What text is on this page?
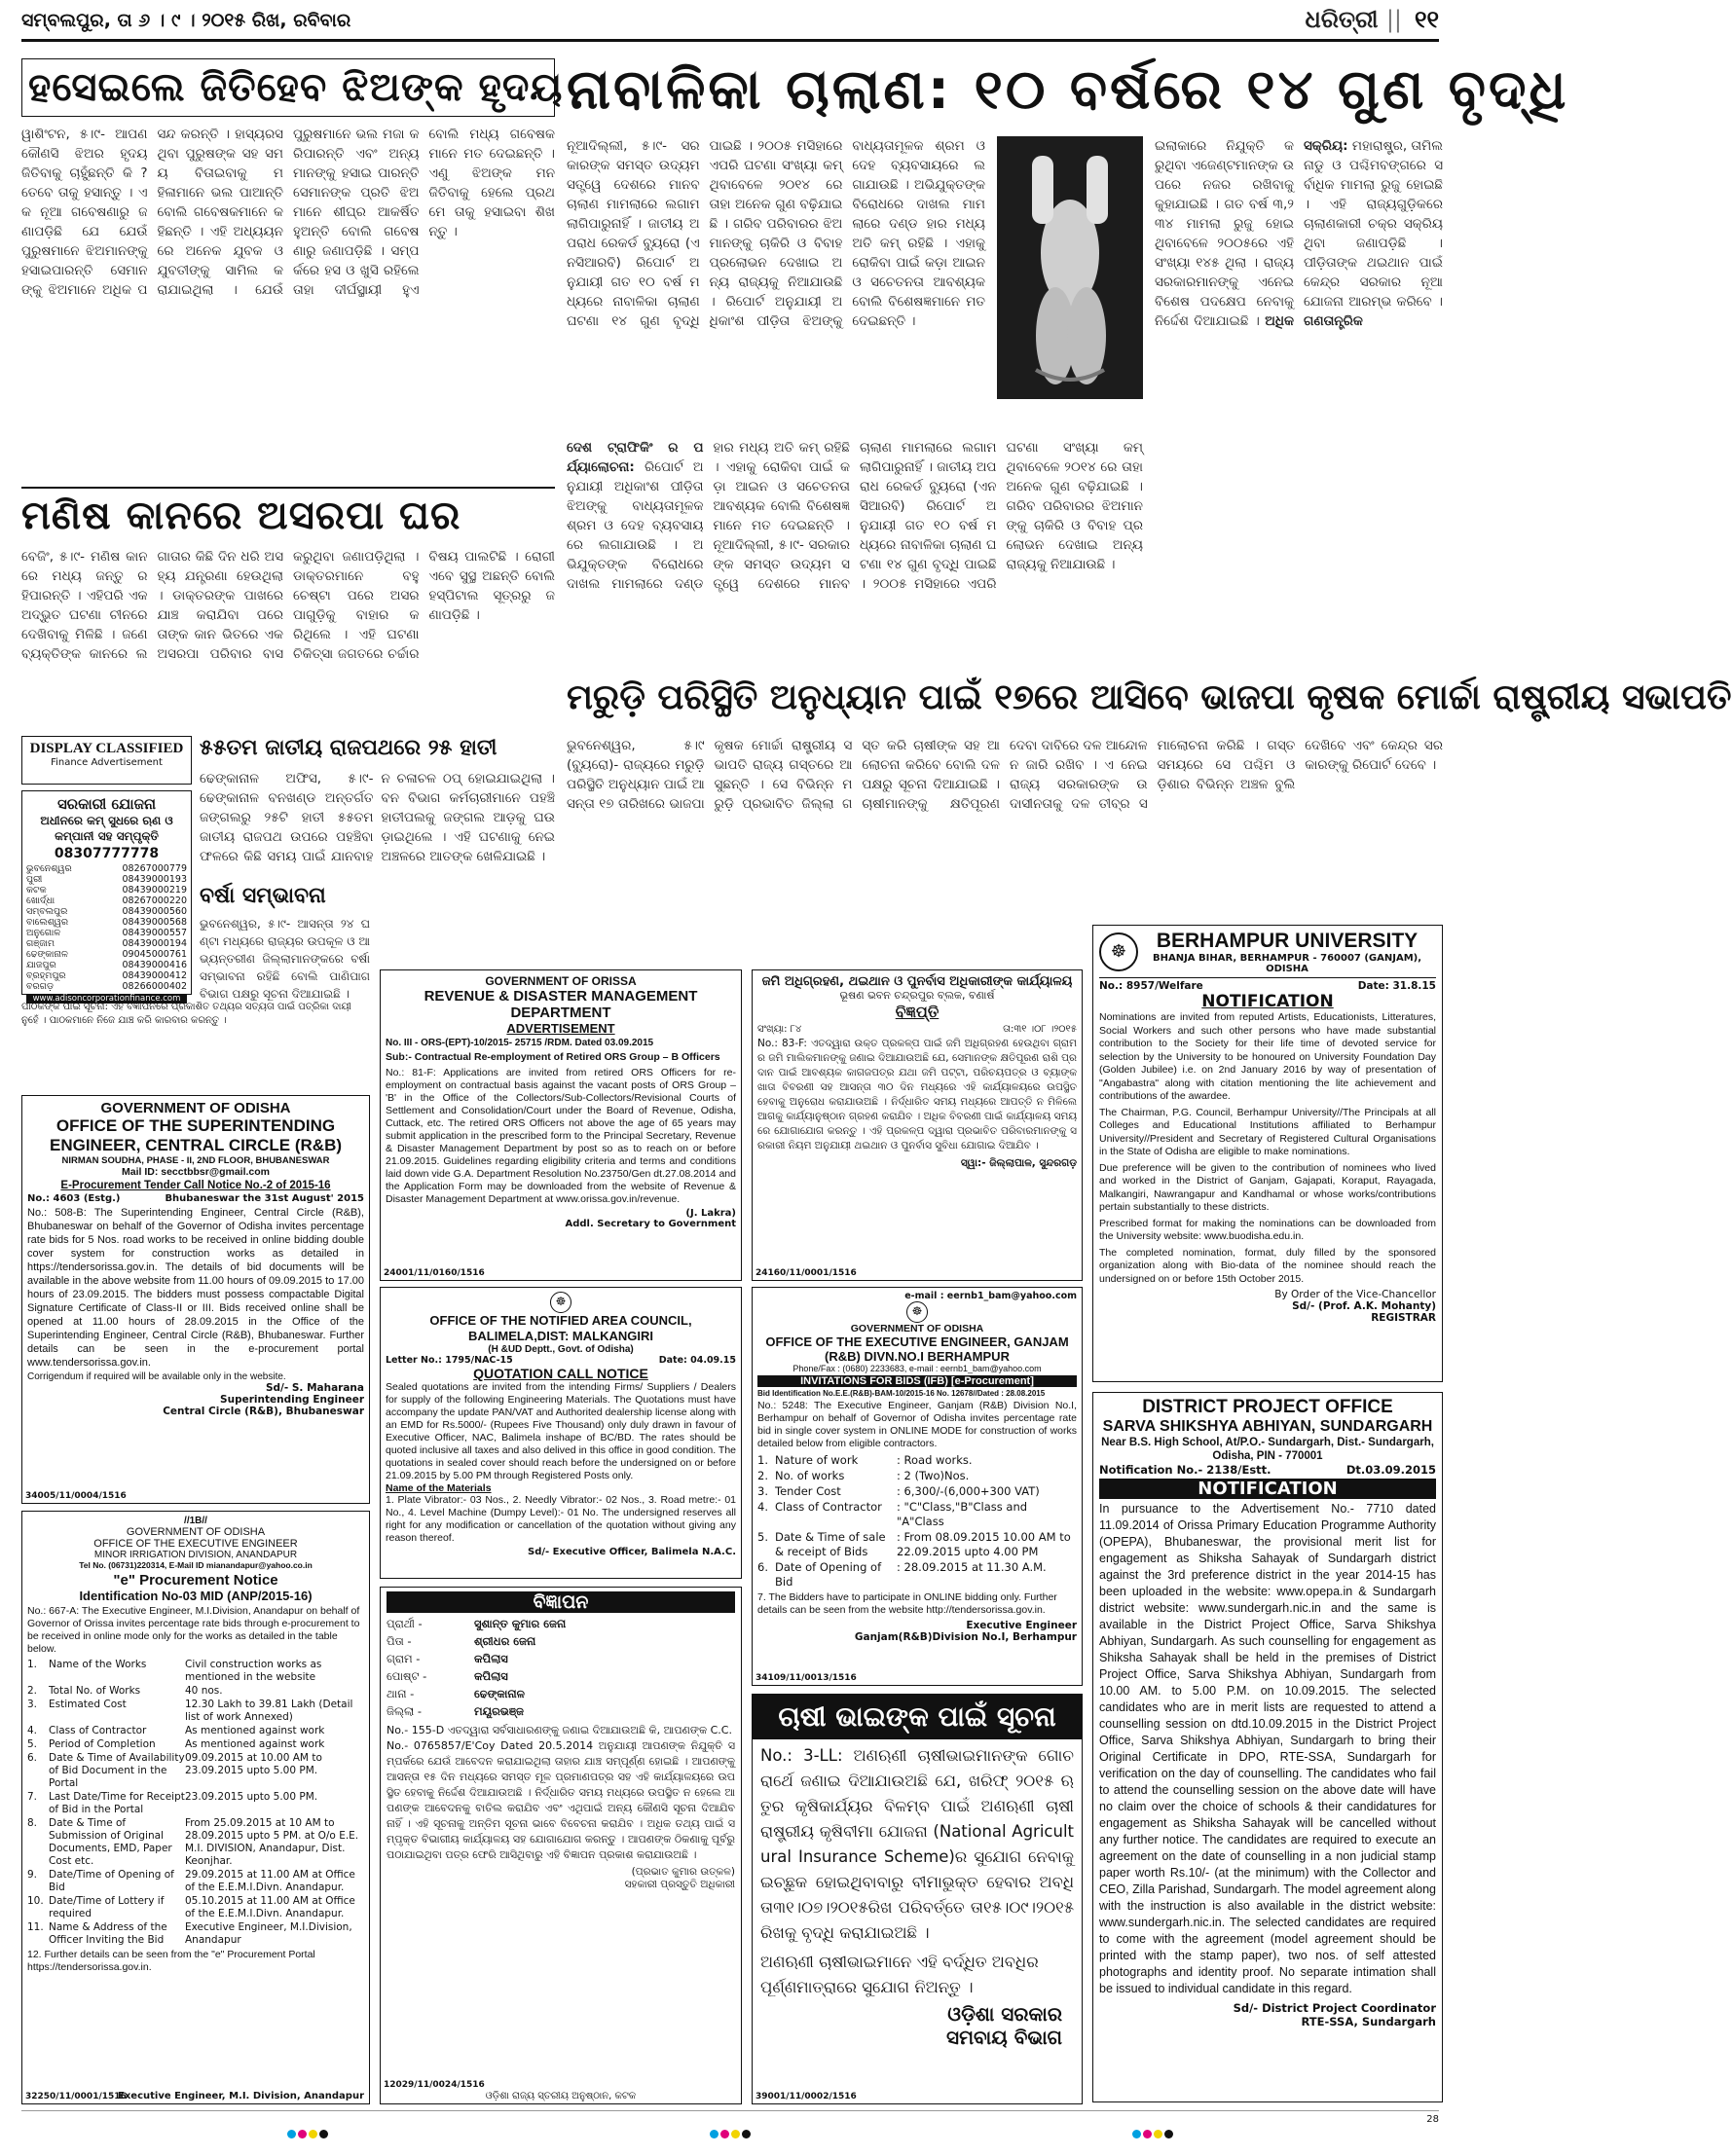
ସମ୍ବଲପୁର, ତା ୬ । ୯ । ୨୦୧୫ ରିଖ, ରବିବାର	ଧରିତ୍ରୀ || ୧୧
ହସେଇଲେ ଜିତିହେବ ଝିଅଙ୍କ ହୃଦୟ
ୱାଶିଂଟନ, ୫।୯- ଆପଣ କୌଣସି ଝିଅର ହୃଦୟ ଜିତିବାକୁ ଚାହୁଁଛନ୍ତି କି ? ତେବେ ତାକୁ ହସାନ୍ତୁ । ଏକ ନୂଆ ଗବେଷଣାରୁ ଜଣାପଡ଼ିଛି ଯେ ଯେଉଁ ପୁରୁଷମାନେ ଝିଅମାନଙ୍କୁ ହସାଇପାରନ୍ତି ସେମାନଙ୍କୁ ଝିଅମାନେ ଅଧିକ ପସନ୍ଦ କରନ୍ତି । ହାସ୍ୟରସ ଥିବା ପୁରୁଷଙ୍କ ସହ ସମୟ ବିତାଇବାକୁ ମହିଳାମାନେ ଭଲ ପାଆନ୍ତି ବୋଲି ଗବେଷକମାନେ କହିଛନ୍ତି । ଏହି ଅଧ୍ୟୟନରେ ଅନେକ ଯୁବକ ଓ ଯୁବତୀଙ୍କୁ ସାମିଲ କରାଯାଇଥିଲା । ଯେଉଁ ପୁରୁଷମାନେ ଭଲ ମଜା କରିପାରନ୍ତି ଏବଂ ଅନ୍ୟମାନଙ୍କୁ ହସାଇ ପାରନ୍ତି ସେମାନଙ୍କ ପ୍ରତି ଝିଅମାନେ ଶୀଘ୍ର ଆକର୍ଷିତ ହୁଅନ୍ତି ବୋଲି ଗବେଷଣାରୁ ଜଣାପଡ଼ିଛି । ସମ୍ପର୍କରେ ହସ ଓ ଖୁସି ରହିଲେ ତାହା ଦୀର୍ଘସ୍ଥାୟୀ ହୁଏ ବୋଲି ମଧ୍ୟ ଗବେଷକମାନେ ମତ ଦେଇଛନ୍ତି । ଏଣୁ ଝିଅଙ୍କ ମନ ଜିତିବାକୁ ହେଲେ ପ୍ରଥମେ ତାକୁ ହସାଇବା ଶିଖନ୍ତୁ ।
ନାବାଳିକା ଚାଲାଣ: ୧୦ ବର୍ଷରେ ୧୪ ଗୁଣ ବୃଦ୍ଧି
ନୂଆଦିଲ୍ଲୀ, ୫।୯- ସରକାରଙ୍କ ସମସ୍ତ ଉଦ୍ୟମ ସତ୍ତ୍ୱେ ଦେଶରେ ମାନବ ଚାଲାଣ ମାମଲାରେ ଲଗାମ ଲାଗିପାରୁନାହିଁ । ଜାତୀୟ ଅପରାଧ ରେକର୍ଡ ବ୍ୟୁରୋ (ଏନସିଆରବି) ରିପୋର୍ଟ ଅନୁଯାୟୀ ଗତ ୧୦ ବର୍ଷ ମଧ୍ୟରେ ନାବାଳିକା ଚାଲାଣ ଘଟଣା ୧୪ ଗୁଣ ବୃଦ୍ଧି ପାଇଛି । ୨୦୦୫ ମସିହାରେ ଏପରି ଘଟଣା ସଂଖ୍ୟା କମ୍ ଥିବାବେଳେ ୨୦୧୪ ରେ ତାହା ଅନେକ ଗୁଣ ବଢ଼ିଯାଇଛି । ଗରିବ ପରିବାରର ଝିଅମାନଙ୍କୁ ଚାକିରି ଓ ବିବାହ ପ୍ରଲୋଭନ ଦେଖାଇ ଅନ୍ୟ ରାଜ୍ୟକୁ ନିଆଯାଉଛି । ରିପୋର୍ଟ ଅନୁଯାୟୀ ଅଧିକାଂଶ ପୀଡ଼ିତା ଝିଅଙ୍କୁ ବାଧ୍ୟତାମୂଳକ ଶ୍ରମ ଓ ଦେହ ବ୍ୟବସାୟରେ ଲଗାଯାଉଛି । ଅଭିଯୁକ୍ତଙ୍କ ବିରୋଧରେ ଦାଖଲ ମାମଲାରେ ଦଣ୍ଡ ହାର ମଧ୍ୟ ଅତି କମ୍ ରହିଛି । ଏହାକୁ ରୋକିବା ପାଇଁ କଡ଼ା ଆଇନ ଓ ସଚେତନତା ଆବଶ୍ୟକ ବୋଲି ବିଶେଷଜ୍ଞମାନେ ମତ ଦେଇଛନ୍ତି ।
ଇଲାକାରେ ନିଯୁକ୍ତି କରୁଥିବା ଏଜେଣ୍ଟମାନଙ୍କ ଉପରେ ନଜର ରଖିବାକୁ କୁହାଯାଇଛି । ଗତ ବର୍ଷ ୩,୨୩୪ ମାମଲା ରୁଜୁ ହୋଇଥିବାବେଳେ ୨୦୦୫ରେ ଏହି ସଂଖ୍ୟା ୧୪୫ ଥିଲା । ରାଜ୍ୟ ସରକାରମାନଙ୍କୁ ଏନେଇ ବିଶେଷ ପଦକ୍ଷେପ ନେବାକୁ ନିର୍ଦ୍ଦେଶ ଦିଆଯାଇଛି । ଅଧିକ ସକ୍ରିୟ: ମହାରାଷ୍ଟ୍ର, ତାମିଲନାଡୁ ଓ ପଶ୍ଚିମବଙ୍ଗରେ ସର୍ବାଧିକ ମାମଲା ରୁଜୁ ହୋଇଛି । ଏହି ରାଜ୍ୟଗୁଡ଼ିକରେ ଚାଲାଣକାରୀ ଚକ୍ର ସକ୍ରିୟ ଥିବା ଜଣାପଡ଼ିଛି । ପୀଡ଼ିତାଙ୍କ ଥଇଥାନ ପାଇଁ କେନ୍ଦ୍ର ସରକାର ନୂଆ ଯୋଜନା ଆରମ୍ଭ କରିବେ । ଗଣତାନ୍ତ୍ରିକ
ଦେଶ ଟ୍ରାଫିକିଂ ର ପର୍ଯ୍ୟାଲୋଚନା: ରିପୋର୍ଟ ଅନୁଯାୟୀ ଅଧିକାଂଶ ପୀଡ଼ିତା ଝିଅଙ୍କୁ ବାଧ୍ୟତାମୂଳକ ଶ୍ରମ ଓ ଦେହ ବ୍ୟବସାୟରେ ଲଗାଯାଉଛି । ଅଭିଯୁକ୍ତଙ୍କ ବିରୋଧରେ ଦାଖଲ ମାମଲାରେ ଦଣ୍ଡ ହାର ମଧ୍ୟ ଅତି କମ୍ ରହିଛି । ଏହାକୁ ରୋକିବା ପାଇଁ କଡ଼ା ଆଇନ ଓ ସଚେତନତା ଆବଶ୍ୟକ ବୋଲି ବିଶେଷଜ୍ଞମାନେ ମତ ଦେଇଛନ୍ତି । ନୂଆଦିଲ୍ଲୀ, ୫।୯- ସରକାରଙ୍କ ସମସ୍ତ ଉଦ୍ୟମ ସତ୍ତ୍ୱେ ଦେଶରେ ମାନବ ଚାଲାଣ ମାମଲାରେ ଲଗାମ ଲାଗିପାରୁନାହିଁ । ଜାତୀୟ ଅପରାଧ ରେକର୍ଡ ବ୍ୟୁରୋ (ଏନସିଆରବି) ରିପୋର୍ଟ ଅନୁଯାୟୀ ଗତ ୧୦ ବର୍ଷ ମଧ୍ୟରେ ନାବାଳିକା ଚାଲାଣ ଘଟଣା ୧୪ ଗୁଣ ବୃଦ୍ଧି ପାଇଛି । ୨୦୦୫ ମସିହାରେ ଏପରି ଘଟଣା ସଂଖ୍ୟା କମ୍ ଥିବାବେଳେ ୨୦୧୪ ରେ ତାହା ଅନେକ ଗୁଣ ବଢ଼ିଯାଇଛି । ଗରିବ ପରିବାରର ଝିଅମାନଙ୍କୁ ଚାକିରି ଓ ବିବାହ ପ୍ରଲୋଭନ ଦେଖାଇ ଅନ୍ୟ ରାଜ୍ୟକୁ ନିଆଯାଉଛି ।
ମଣିଷ କାନରେ ଅସରପା ଘର
ବେଜିଂ, ୫।୯- ମଣିଷ କାନରେ ମଧ୍ୟ ଜନ୍ତୁ ରହିପାରନ୍ତି । ଏହିପରି ଏକ ଅଦ୍ଭୁତ ଘଟଣା ଚୀନରେ ଦେଖିବାକୁ ମିଳିଛି । ଜଣେ ବ୍ୟକ୍ତିଙ୍କ କାନରେ ଲଗାତାର କିଛି ଦିନ ଧରି ଅସହ୍ୟ ଯନ୍ତ୍ରଣା ହେଉଥିଲା । ଡାକ୍ତରଙ୍କ ପାଖରେ ଯାଞ୍ଚ କରାଯିବା ପରେ ତାଙ୍କ କାନ ଭିତରେ ଏକ ଅସରପା ପରିବାର ବାସ କରୁଥିବା ଜଣାପଡ଼ିଥିଲା । ଡାକ୍ତରମାନେ ବହୁ ଚେଷ୍ଟା ପରେ ଅସରପାଗୁଡ଼ିକୁ ବାହାର କରିଥିଲେ । ଏହି ଘଟଣା ଚିକିତ୍ସା ଜଗତରେ ଚର୍ଚ୍ଚାର ବିଷୟ ପାଲଟିଛି । ରୋଗୀ ଏବେ ସୁସ୍ଥ ଅଛନ୍ତି ବୋଲି ହସ୍ପିଟାଲ ସୂତ୍ରରୁ ଜଣାପଡ଼ିଛି ।
ମରୁଡ଼ି ପରିସ୍ଥିତି ଅନୁଧ୍ୟାନ ପାଇଁ ୧୭ରେ ଆସିବେ ଭାଜପା କୃଷକ ମୋର୍ଚ୍ଚା ରାଷ୍ଟ୍ରୀୟ ସଭାପତି
ଭୁବନେଶ୍ୱର, ୫।୯ (ବ୍ୟୁରୋ)- ରାଜ୍ୟରେ ମରୁଡ଼ି ପରିସ୍ଥିତି ଅନୁଧ୍ୟାନ ପାଇଁ ଆସନ୍ତା ୧୭ ତାରିଖରେ ଭାଜପା କୃଷକ ମୋର୍ଚ୍ଚା ରାଷ୍ଟ୍ରୀୟ ସଭାପତି ରାଜ୍ୟ ଗସ୍ତରେ ଆସୁଛନ୍ତି । ସେ ବିଭିନ୍ନ ମରୁଡ଼ି ପ୍ରଭାବିତ ଜିଲ୍ଲା ଗସ୍ତ କରି ଚାଷୀଙ୍କ ସହ ଆଲୋଚନା କରିବେ ବୋଲି ଦଳ ପକ୍ଷରୁ ସୂଚନା ଦିଆଯାଇଛି । ଚାଷୀମାନଙ୍କୁ କ୍ଷତିପୂରଣ ଦେବା ଦାବିରେ ଦଳ ଆନ୍ଦୋଳନ ଜାରି ରଖିବ । ଏ ନେଇ ରାଜ୍ୟ ସରକାରଙ୍କ ଉଦାସୀନତାକୁ ଦଳ ତୀବ୍ର ସମାଲୋଚନା କରିଛି । ଗସ୍ତ ସମୟରେ ସେ ପଶ୍ଚିମ ଓଡ଼ିଶାର ବିଭିନ୍ନ ଅଞ୍ଚଳ ବୁଲି ଦେଖିବେ ଏବଂ କେନ୍ଦ୍ର ସରକାରଙ୍କୁ ରିପୋର୍ଟ ଦେବେ ।
DISPLAY CLASSIFIED
Finance Advertisement
ସରକାରୀ ଯୋଜନା
ଅଧୀନରେ କମ୍ ସୁଧରେ ଋଣ ଓ କମ୍ପାନୀ ସହ ସମ୍ପୃକ୍ତି
08307777778
ଭୁବନେଶ୍ୱର	08267000779
ପୁରୀ	08439000193
କଟକ	08439000219
ଖୋର୍ଦ୍ଧା	08267000220
ସମ୍ବଲପୁର	08439000560
ବାଲେଶ୍ୱର	08439000568
ଅନୁଗୋଳ	08439000557
ଗଞ୍ଜାମ	08439000194
ଢେଙ୍କାନାଳ	09045000761
ଯାଜପୁର	08439000416
ବ୍ରହ୍ମପୁର	08439000412
ବରଗଡ଼	08266000402
www.adisoncorporationfinance.com
୫୫ତମ ଜାତୀୟ ରାଜପଥରେ ୨୫ ହାତୀ
ଢେଙ୍କାନାଳ ଅଫିସ, ୫।୯- ଢେଙ୍କାନାଳ ବନଖଣ୍ଡ ଅନ୍ତର୍ଗତ ଜଙ୍ଗଲରୁ ୨୫ଟି ହାତୀ ୫୫ତମ ଜାତୀୟ ରାଜପଥ ଉପରେ ପହଞ୍ଚିବା ଫଳରେ କିଛି ସମୟ ପାଇଁ ଯାନବାହନ ଚଳାଚଳ ଠପ୍ ହୋଇଯାଇଥିଲା । ବନ ବିଭାଗ କର୍ମଚାରୀମାନେ ପହଞ୍ଚି ହାତୀପଲକୁ ଜଙ୍ଗଲ ଆଡ଼କୁ ଘଉଡ଼ାଇଥିଲେ । ଏହି ଘଟଣାକୁ ନେଇ ଅଞ୍ଚଳରେ ଆତଙ୍କ ଖେଳିଯାଇଛି ।
ବର୍ଷା ସମ୍ଭାବନା
ଭୁବନେଶ୍ୱର, ୫।୯- ଆସନ୍ତା ୨୪ ଘଣ୍ଟା ମଧ୍ୟରେ ରାଜ୍ୟର ଉପକୂଳ ଓ ଆଭ୍ୟନ୍ତରୀଣ ଜିଲ୍ଲାମାନଙ୍କରେ ବର୍ଷା ସମ୍ଭାବନା ରହିଛି ବୋଲି ପାଣିପାଗ ବିଭାଗ ପକ୍ଷରୁ ସୂଚନା ଦିଆଯାଇଛି ।
ପାଠକଙ୍କ ପାଇଁ ସୂଚନା: ଏହି ବିଜ୍ଞାପନରେ ପ୍ରକାଶିତ ତଥ୍ୟର ସତ୍ୟତା ପାଇଁ ପତ୍ରିକା ଦାୟୀ ନୁହେଁ । ପାଠକମାନେ ନିଜେ ଯାଞ୍ଚ କରି କାରବାର କରନ୍ତୁ ।
GOVERNMENT OF ORISSA
REVENUE & DISASTER MANAGEMENT DEPARTMENT
ADVERTISEMENT
No. III - ORS-(EPT)-10/2015- 25715 /RDM. Dated 03.09.2015
Sub:- Contractual Re-employment of Retired ORS Group – B Officers
No.: 81-F: Applications are invited from retired ORS Officers for re-employment on contractual basis against the vacant posts of ORS Group – 'B' in the Office of the Collectors/Sub-Collectors/Revisional Courts of Settlement and Consolidation/Court under the Board of Revenue, Odisha, Cuttack, etc. The retired ORS Officers not above the age of 65 years may submit application in the prescribed form to the Principal Secretary, Revenue & Disaster Management Department by post so as to reach on or before 21.09.2015. Guidelines regarding eligibility criteria and terms and conditions laid down vide G.A. Department Resolution No.23750/Gen dt.27.08.2014 and the Application Form may be downloaded from the website of Revenue & Disaster Management Department at www.orissa.gov.in/revenue.
(J. Lakra)
Addl. Secretary to Government
24001/11/0160/1516
ଜମି ଅଧିଗ୍ରହଣ, ଥଇଥାନ ଓ ପୁନର୍ବାସ ଅଧିକାରୀଙ୍କ କାର୍ଯ୍ୟାଳୟ
ଭୂଷଣ ଭବନ ଚନ୍ଦ୍ରପୁର ବ୍ଲକ, ବଣାର୍ଷ
ବିଜ୍ଞପ୍ତି
ସଂଖ୍ୟା: ୮୪	ତା:୩୧ ।୦୮ ।୨୦୧୫
No.: 83-F: ଏତଦ୍ୱାରା ଉକ୍ତ ପ୍ରକଳ୍ପ ପାଇଁ ଜମି ଅଧିଗ୍ରହଣ ହେଉଥିବା ଗ୍ରାମର ଜମି ମାଲିକମାନଙ୍କୁ ଜଣାଇ ଦିଆଯାଉଅଛି ଯେ, ସେମାନଙ୍କ କ୍ଷତିପୂରଣ ରାଶି ପ୍ରଦାନ ପାଇଁ ଆବଶ୍ୟକ କାଗଜପତ୍ର ଯଥା ଜମି ପଟ୍ଟା, ପରିଚୟପତ୍ର ଓ ବ୍ୟାଙ୍କ ଖାତା ବିବରଣୀ ସହ ଆସନ୍ତା ୩୦ ଦିନ ମଧ୍ୟରେ ଏହି କାର୍ଯ୍ୟାଳୟରେ ଉପସ୍ଥିତ ହେବାକୁ ଅନୁରୋଧ କରାଯାଉଅଛି । ନିର୍ଦ୍ଧାରିତ ସମୟ ମଧ୍ୟରେ ଆପତ୍ତି ନ ମିଳିଲେ ଆଗକୁ କାର୍ଯ୍ୟାନୁଷ୍ଠାନ ଗ୍ରହଣ କରାଯିବ । ଅଧିକ ବିବରଣୀ ପାଇଁ କାର୍ଯ୍ୟାଳୟ ସମୟରେ ଯୋଗାଯୋଗ କରନ୍ତୁ । ଏହି ପ୍ରକଳ୍ପ ଦ୍ୱାରା ପ୍ରଭାବିତ ପରିବାରମାନଙ୍କୁ ସରକାରୀ ନିୟମ ଅନୁଯାୟୀ ଥଇଥାନ ଓ ପୁନର୍ବାସ ସୁବିଧା ଯୋଗାଇ ଦିଆଯିବ ।
ସ୍ୱା:- ଜିଲ୍ଲାପାଳ, ସୁନ୍ଦରଗଡ଼
24160/11/0001/1516
☸	BERHAMPUR UNIVERSITY
BHANJA BIHAR, BERHAMPUR - 760007 (GANJAM), ODISHA
No.: 8957/Welfare	Date: 31.8.15
NOTIFICATION

Nominations are invited from reputed Artists, Educationists, Litteratures, Social Workers and such other persons who have made substantial contribution to the Society for their life time of devoted service for selection by the University to be honoured on University Foundation Day (Golden Jubilee) i.e. on 2nd January 2016 by way of presentation of "Angabastra" along with citation mentioning the lite achievement and contributions of the awardee.

The Chairman, P.G. Council, Berhampur University//The Principals at all Colleges and Educational Institutions affiliated to Berhampur University//President and Secretary of Registered Cultural Organisations in the State of Odisha are eligible to make nominations.

Due preference will be given to the contribution of nominees who lived and worked in the District of Ganjam, Gajapati, Koraput, Rayagada, Malkangiri, Nawrangapur and Kandhamal or whose works/contributions pertain substantially to these districts.

Prescribed format for making the nominations can be downloaded from the University website: www.buodisha.edu.in.

The completed nomination, format, duly filled by the sponsored organization along with Bio-data of the nominee should reach the undersigned on or before 15th October 2015.

By Order of the Vice-Chancellor
Sd/- (Prof. A.K. Mohanty)
REGISTRAR
GOVERNMENT OF ODISHA
OFFICE OF THE SUPERINTENDING ENGINEER, CENTRAL CIRCLE (R&B)
NIRMAN SOUDHA, PHASE - II, 2ND FLOOR, BHUBANESWAR
Mail ID: secctbbsr@gmail.com
E-Procurement Tender Call Notice No.-2 of 2015-16
No.: 4603 (Estg.)	Bhubaneswar the 31st August' 2015
No.: 508-B: The Superintending Engineer, Central Circle (R&B), Bhubaneswar on behalf of the Governor of Odisha invites percentage rate bids for 5 Nos. road works to be received in online bidding double cover system for construction works as detailed in https://tendersorissa.gov.in. The details of bid documents will be available in the above website from 11.00 hours of 09.09.2015 to 17.00 hours of 23.09.2015. The bidders must possess compactable Digital Signature Certificate of Class-II or III. Bids received online shall be opened at 11.00 hours of 28.09.2015 in the Office of the Superintending Engineer, Central Circle (R&B), Bhubaneswar. Further details can be seen in the e-procurement portal www.tendersorissa.gov.in.
Corrigendum if required will be available only in the website.
Sd/- S. Maharana
Superintending Engineer
Central Circle (R&B), Bhubaneswar
34005/11/0004/1516
☸
OFFICE OF THE NOTIFIED AREA COUNCIL, BALIMELA,DIST: MALKANGIRI
(H &UD Deptt., Govt. of Odisha)
Letter No.: 1795/NAC-15	Date: 04.09.15
QUOTATION CALL NOTICE
Sealed quotations are invited from the intending Firms/ Suppliers / Dealers for supply of the following Engineering Materials. The Quotations must have accompany the update PAN/VAT and Authorited dealership license along with an EMD for Rs.5000/- (Rupees Five Thousand) only duly drawn in favour of Executive Officer, NAC, Balimela inshape of BC/BD. The rates should be quoted inclusive all taxes and also delived in this office in good condition. The quotations in sealed cover should reach before the undersigned on or before 21.09.2015 by 5.00 PM through Registered Posts only.
Name of the Materials
1. Plate Vibrator:- 03 Nos., 2. Needly Vibrator:- 02 Nos., 3. Road metre:- 01 No., 4. Level Machine (Dumpy Level):- 01 No. The undersigned reserves all right for any modification or cancellation of the quotation without giving any reason thereof.
Sd/- Executive Officer, Balimela N.A.C.
e-mail : eernb1_bam@yahoo.com
☸
GOVERNMENT OF ODISHA
OFFICE OF THE EXECUTIVE ENGINEER, GANJAM (R&B) DIVN.NO.I BERHAMPUR
Phone/Fax : (0680) 2233683, e-mail : eernb1_bam@yahoo.com
INVITATIONS FOR BIDS (IFB) [e-Procurement]
Bid Identification No.E.E.(R&B)-BAM-10/2015-16 No. 12678//Dated : 28.08.2015
No.: 5248: The Executive Engineer, Ganjam (R&B) Division No.I, Berhampur on behalf of Governor of Odisha invites percentage rate bid in single cover system in ONLINE MODE for construction of works detailed below from eligible contractors.
1. Nature of work	: Road works.
2. No. of works	: 2 (Two)Nos.
3. Tender Cost	: 6,300/-(6,000+300 VAT)
4. Class of Contractor	: "C"Class,"B"Class and "A"Class
5. Date & Time of sale & receipt of Bids
: From 08.09.2015 10.00 AM to 22.09.2015 upto 4.00 PM
6. Date of Opening of Bid
: 28.09.2015 at 11.30 A.M.
7. The Bidders have to participate in ONLINE bidding only. Further details can be seen from the website http://tendersorissa.gov.in.
Executive Engineer
Ganjam(R&B)Division No.I, Berhampur
34109/11/0013/1516
DISTRICT PROJECT OFFICE
SARVA SHIKSHYA ABHIYAN, SUNDARGARH
Near B.S. High School, At/P.O.- Sundargarh, Dist.- Sundargarh, Odisha, PIN - 770001
Notification No.- 2138/Estt.	Dt.03.09.2015
NOTIFICATION
In pursuance to the Advertisement No.- 7710 dated 11.09.2014 of Orissa Primary Education Programme Authority (OPEPA), Bhubaneswar, the provisional merit list for engagement as Shiksha Sahayak of Sundargarh district against the 3rd preference district in the year 2014-15 has been uploaded in the website: www.opepa.in & Sundargarh district website: www.sundergarh.nic.in and the same is available in the District Project Office, Sarva Shikshya Abhiyan, Sundargarh. As such counselling for engagement as Shiksha Sahayak shall be held in the premises of District Project Office, Sarva Shikshya Abhiyan, Sundargarh from 10.00 AM. to 5.00 P.M. on 10.09.2015. The selected candidates who are in merit lists are requested to attend a counselling session on dtd.10.09.2015 in the District Project Office, Sarva Shikshya Abhiyan, Sundargarh to bring their Original Certificate in DPO, RTE-SSA, Sundargarh for verification on the day of counselling. The candidates who fail to attend the counselling session on the above date will have no claim over the choice of schools & their candidatures for engagement as Shiksha Sahayak will be cancelled without any further notice. The candidates are required to execute an agreement on the date of counselling in a non judicial stamp paper worth Rs.10/- (at the minimum) with the Collector and CEO, Zilla Parishad, Sundargarh. The model agreement along with the instruction is also available in the district website: www.sundergarh.nic.in. The selected candidates are required to come with the agreement (model agreement should be printed with the stamp paper), two nos. of self attested photographs and identity proof. No separate intimation shall be issued to individual candidate in this regard.
Sd/- District Project Coordinator
RTE-SSA, Sundargarh
//1B//
GOVERNMENT OF ODISHA
OFFICE OF THE EXECUTIVE ENGINEER
MINOR IRRIGATION DIVISION, ANANDAPUR
Tel No. (06731)220314, E-Mail ID mianandapur@yahoo.co.in
"e" Procurement Notice
Identification No-03 MID (ANP/2015-16)
No.: 667-A: The Executive Engineer, M.I.Division, Anandapur on behalf of Governor of Orissa invites percentage rate bids through e-procurement to be received in online mode only for the works as detailed in the table below.
1.	Name of the Works	Civil construction works as mentioned in the website
2.	Total No. of Works	40 nos.
3.	Estimated Cost	12.30 Lakh to 39.81 Lakh (Detail list of work Annexed)
4.	Class of Contractor	As mentioned against work
5.	Period of Completion	As mentioned against work
6.	Date & Time of Availability of Bid Document in the Portal
09.09.2015 at 10.00 AM to 23.09.2015 upto 5.00 PM.
7.	Last Date/Time for Receipt of Bid in the Portal
23.09.2015 upto 5.00 PM.
8.	Date & Time of Submission of Original Documents, EMD, Paper Cost etc.
From 25.09.2015 at 10 AM to 28.09.2015 upto 5 PM. at O/o E.E. M.I. DIVISION, Anandapur, Dist. Keonjhar.
9.	Date/Time of Opening of Bid
29.09.2015 at 11.00 AM at Office of the E.E.M.I.Divn. Anandapur.
10. Date/Time of Lottery if required
05.10.2015 at 11.00 AM at Office of the E.E.M.I.Divn. Anandapur.
11. Name & Address of the Officer Inviting the Bid
Executive Engineer, M.I.Division, Anandapur
12. Further details can be seen from the "e" Procurement Portal https://tendersorissa.gov.in.
Executive Engineer, M.I. Division, Anandapur
32250/11/0001/1516
ବିଜ୍ଞାପନ
ପ୍ରାର୍ଥୀ -	ସୁଶାନ୍ତ କୁମାର ଜେନା
ପିତା -	ଶ୍ରୀଧର ଜେନା
ଗ୍ରାମ -	କପିଲାସ
ପୋଷ୍ଟ -	କପିଲାସ
ଥାନା -	ଢେଙ୍କାନାଳ
ଜିଲ୍ଲା -	ମୟୂରଭଞ୍ଜ
No.- 155-D ଏତଦ୍ୱାରା ସର୍ବସାଧାରଣଙ୍କୁ ଜଣାଇ ଦିଆଯାଉଅଛି କି, ଆପଣଙ୍କ C.C.
No.- 0765857/E'Coy Dated 20.5.2014 ଅନୁଯାୟୀ ଆପଣଙ୍କ ନିଯୁକ୍ତି ସମ୍ପର୍କରେ ଯେଉଁ ଆବେଦନ କରାଯାଇଥିଲା ତାହାର ଯାଞ୍ଚ ସମ୍ପୂର୍ଣ୍ଣ ହୋଇଛି । ଆପଣଙ୍କୁ ଆସନ୍ତା ୧୫ ଦିନ ମଧ୍ୟରେ ସମସ୍ତ ମୂଳ ପ୍ରମାଣପତ୍ର ସହ ଏହି କାର୍ଯ୍ୟାଳୟରେ ଉପସ୍ଥିତ ହେବାକୁ ନିର୍ଦ୍ଦେଶ ଦିଆଯାଉଅଛି । ନିର୍ଦ୍ଧାରିତ ସମୟ ମଧ୍ୟରେ ଉପସ୍ଥିତ ନ ହେଲେ ଆପଣଙ୍କ ଆବେଦନକୁ ବାତିଲ କରାଯିବ ଏବଂ ଏଥିପାଇଁ ଅନ୍ୟ କୌଣସି ସୂଚନା ଦିଆଯିବ ନାହିଁ । ଏହି ସୂଚନାକୁ ଅନ୍ତିମ ସୂଚନା ଭାବେ ବିବେଚନା କରାଯିବ । ଅଧିକ ତଥ୍ୟ ପାଇଁ ସମ୍ପୃକ୍ତ ବିଭାଗୀୟ କାର୍ଯ୍ୟାଳୟ ସହ ଯୋଗାଯୋଗ କରନ୍ତୁ । ଆପଣଙ୍କ ଠିକଣାକୁ ପୂର୍ବରୁ ପଠାଯାଇଥିବା ପତ୍ର ଫେରି ଆସିଥିବାରୁ ଏହି ବିଜ୍ଞାପନ ପ୍ରକାଶ କରାଯାଉଅଛି ।
(ପ୍ରଭାତ କୁମାର ଉତ୍କଳ)
ସହକାରୀ ପ୍ରସ୍ତୁତି ଅଧିକାରୀ
ଓଡ଼ିଶା ରାଜ୍ୟ ସ୍ତରୀୟ ଅନୁଷ୍ଠାନ, କଟକ
12029/11/0024/1516
ଚାଷୀ ଭାଇଙ୍କ ପାଇଁ ସୂଚନା
No.: 3-LL: ଅଣଋଣୀ ଚାଷୀଭାଇମାନଙ୍କ ଗୋଚରାର୍ଥେ ଜଣାଇ ଦିଆଯାଉଅଛି ଯେ, ଖରିଫ୍ ୨୦୧୫ ଋତୁର କୃଷିକାର୍ଯ୍ୟର ବିଳମ୍ବ ପାଇଁ ଅଣଋଣୀ ଚାଷୀ ରାଷ୍ଟ୍ରୀୟ କୃଷିବୀମା ଯୋଜନା (National Agricultural Insurance Scheme)ର ସୁଯୋଗ ନେବାକୁ ଇଚ୍ଛୁକ ହୋଇଥିବାବାରୁ ବୀମାଭୁକ୍ତ ହେବାର ଅବଧି ତା୩୧।୦୭।୨୦୧୫ରିଖ ପରିବର୍ତ୍ତେ ତା୧୫।୦୯।୨୦୧୫ରିଖକୁ ବୃଦ୍ଧି କରାଯାଇଅଛି ।
ଅଣଋଣୀ ଚାଷୀଭାଇମାନେ ଏହି ବର୍ଦ୍ଧିତ ଅବଧିର ପୂର୍ଣ୍ଣମାତ୍ରାରେ ସୁଯୋଗ ନିଅନ୍ତୁ ।
ଓଡ଼ିଶା ସରକାର
ସମବାୟ ବିଭାଗ
39001/11/0002/1516

28
